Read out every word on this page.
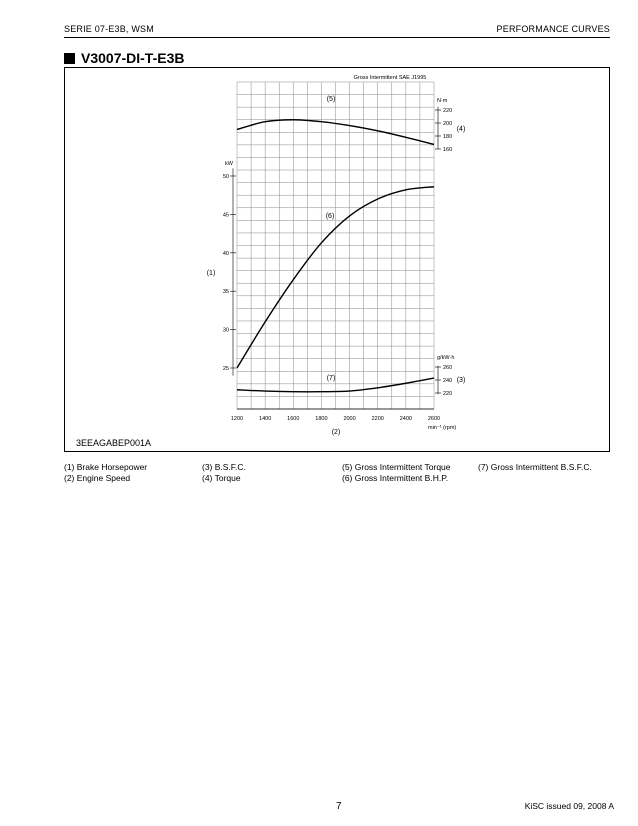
SERIE 07-E3B, WSM	PERFORMANCE CURVES
V3007-DI-T-E3B
1200	1400	1600	1800	2000	2200	2400	2600
min⁻¹ (rpm)
25
30
35
40
45
50
kW
160
180
200
220
N·m
220
240
260
g/kW·h
Gross Intermittent SAE J1995
(5)
(4)
(6)
(1)
(7)	(3)
(2)
3EEAGABEP001A
(1) Brake Horsepower
(2) Engine Speed
(3) B.S.F.C.
(4) Torque
(5) Gross Intermittent Torque
(6) Gross Intermittent B.H.P.
(7) Gross Intermittent B.S.F.C.
7	KiSC issued 09, 2008 A
